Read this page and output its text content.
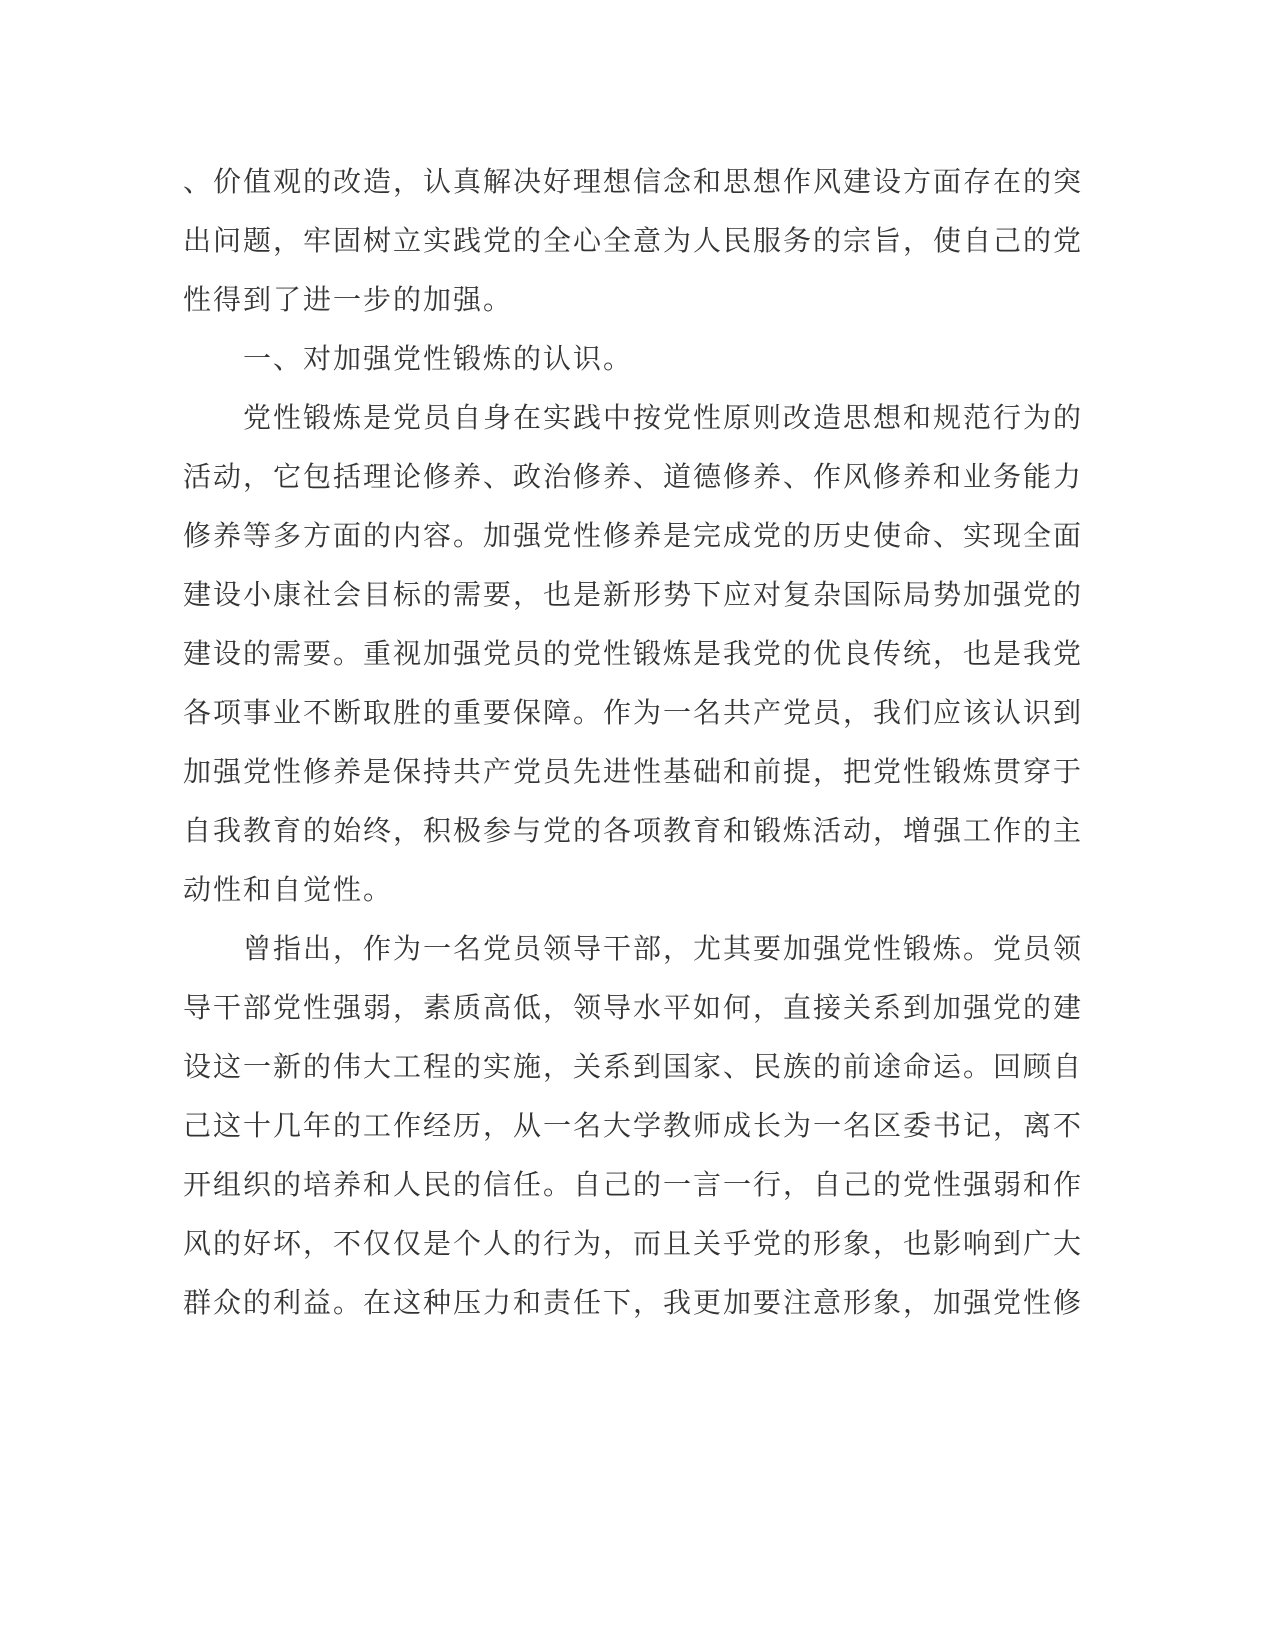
、价值观的改造，认真解决好理想信念和思想作风建设方面存在的突
出问题，牢固树立实践党的全心全意为人民服务的宗旨，使自己的党
性得到了进一步的加强。
　　一、对加强党性锻炼的认识。
　　党性锻炼是党员自身在实践中按党性原则改造思想和规范行为的
活动，它包括理论修养、政治修养、道德修养、作风修养和业务能力
修养等多方面的内容。加强党性修养是完成党的历史使命、实现全面
建设小康社会目标的需要，也是新形势下应对复杂国际局势加强党的
建设的需要。重视加强党员的党性锻炼是我党的优良传统，也是我党
各项事业不断取胜的重要保障。作为一名共产党员，我们应该认识到
加强党性修养是保持共产党员先进性基础和前提，把党性锻炼贯穿于
自我教育的始终，积极参与党的各项教育和锻炼活动，增强工作的主
动性和自觉性。
　　曾指出，作为一名党员领导干部，尤其要加强党性锻炼。党员领
导干部党性强弱，素质高低，领导水平如何，直接关系到加强党的建
设这一新的伟大工程的实施，关系到国家、民族的前途命运。回顾自
己这十几年的工作经历，从一名大学教师成长为一名区委书记，离不
开组织的培养和人民的信任。自己的一言一行，自己的党性强弱和作
风的好坏，不仅仅是个人的行为，而且关乎党的形象，也影响到广大
群众的利益。在这种压力和责任下，我更加要注意形象，加强党性修
